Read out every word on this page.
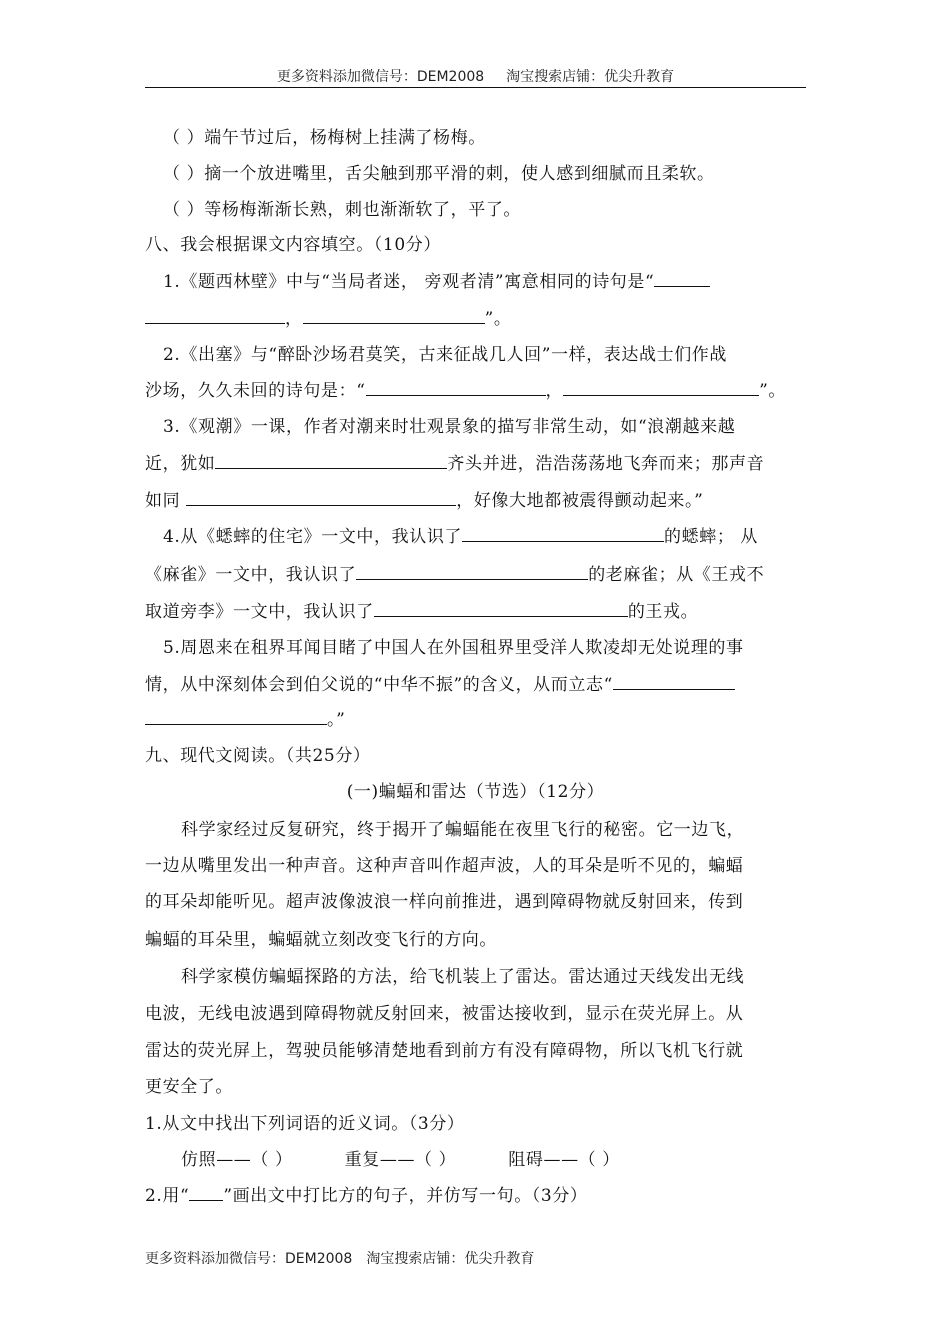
更多资料添加微信号：DEM2008 淘宝搜索店铺：优尖升教育
（ ）端午节过后，杨梅树上挂满了杨梅。
（ ）摘一个放进嘴里，舌尖触到那平滑的刺，使人感到细腻而且柔软。
（ ）等杨梅渐渐长熟，刺也渐渐软了，平了。
八、我会根据课文内容填空。（10分）
1.《题西林壁》中与“当局者迷， 旁观者清”寓意相同的诗句是“
，	”。
2.《出塞》与“醉卧沙场君莫笑，古来征战几人回”一样，表达战士们作战
沙场，久久未回的诗句是：“	，	”。
3.《观潮》一课，作者对潮来时壮观景象的描写非常生动，如“浪潮越来越
近，犹如	齐头并进，浩浩荡荡地飞奔而来；那声音
如同	，好像大地都被震得颤动起来。”
4.从《蟋蟀的住宅》一文中，我认识了	的蟋蟀； 从
《麻雀》一文中，我认识了	的老麻雀；从《王戎不
取道旁李》一文中，我认识了	的王戎。
5.周恩来在租界耳闻目睹了中国人在外国租界里受洋人欺凌却无处说理的事
情，从中深刻体会到伯父说的“中华不振”的含义，从而立志“
。”
九、现代文阅读。（共25分）
(一)蝙蝠和雷达（节选）（12分）
科学家经过反复研究，终于揭开了蝙蝠能在夜里飞行的秘密。它一边飞，
一边从嘴里发出一种声音。这种声音叫作超声波，人的耳朵是听不见的，蝙蝠
的耳朵却能听见。超声波像波浪一样向前推进，遇到障碍物就反射回来，传到
蝙蝠的耳朵里，蝙蝠就立刻改变飞行的方向。
科学家模仿蝙蝠探路的方法，给飞机装上了雷达。雷达通过天线发出无线
电波，无线电波遇到障碍物就反射回来，被雷达接收到，显示在荧光屏上。从
雷达的荧光屏上，驾驶员能够清楚地看到前方有没有障碍物，所以飞机飞行就
更安全了。
1.从文中找出下列词语的近义词。（3分）
仿照——（ ）	重复——（ ）	阻碍——（ ）
2.用“ ”画出文中打比方的句子，并仿写一句。（3分）
更多资料添加微信号：DEM2008 淘宝搜索店铺：优尖升教育
